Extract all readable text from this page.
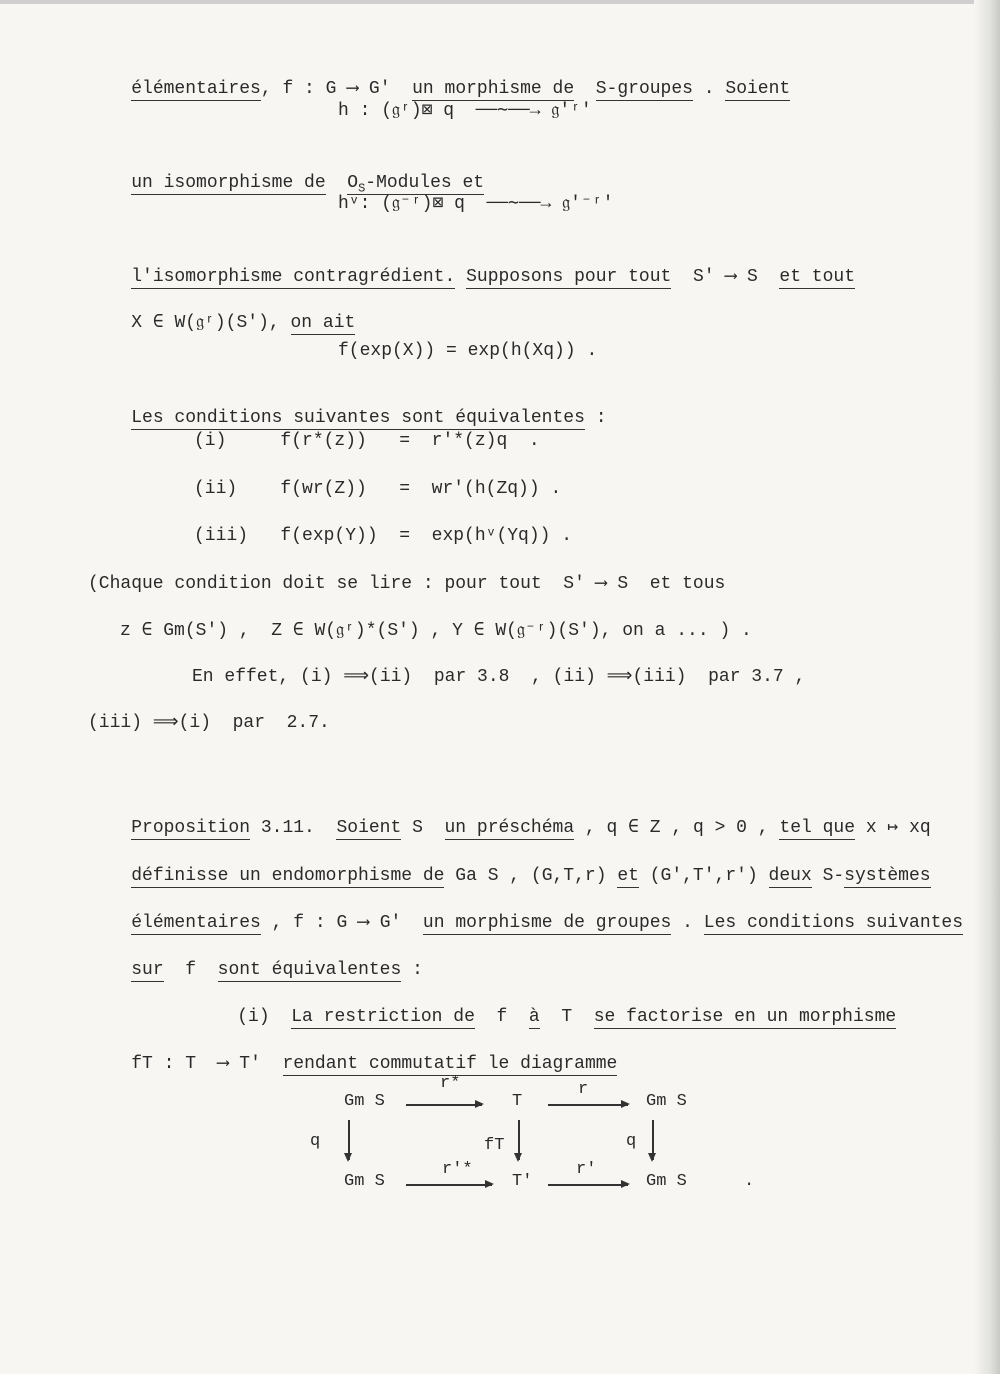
élémentaires, f : G ⟶ G' un morphisme de S-groupes . Soient

h : (𝔤ʳ)⊠ q  ──∼──→ 𝔤'ʳ'

un isomorphisme de $O_S$-Modules et

hᵛ: (𝔤⁻ʳ)⊠ q  ──∼──→ 𝔤'⁻ʳ'

l'isomorphisme contragrédient. Supposons pour tout S' ⟶ S et tout

X ∈ W(𝔤ʳ)(S'), on ait

f(exp(X)) = exp(h(Xq)) .

Les conditions suivantes sont équivalentes :

(i)     f(r*(z))   =  r'*(z)q  .
(ii)    f(wr(Z))   =  wr'(h(Zq)) .
(iii)   f(exp(Y))  =  exp(hᵛ(Yq)) .
(Chaque condition doit se lire : pour tout  S' ⟶ S  et tous
z ∈ Gm(S') ,  Z ∈ W(𝔤ʳ)*(S') , Y ∈ W(𝔤⁻ʳ)(S'), on a ... ) .
En effet, (i) ⟹(ii)  par 3.8  , (ii) ⟹(iii)  par 3.7 ,
(iii) ⟹(i)  par  2.7.

Proposition 3.11. Soient S  un préschéma , q ∈ Z , q > 0 , tel que x ↦ xq

définisse un endomorphisme de Ga S , (G,T,r) et (G',T',r') deux S-systèmes

élémentaires , f : G ⟶ G'  un morphisme de groupes . Les conditions suivantes

sur  f  sont équivalentes :

(i)  La restriction de  f  à  T  se factorise en un morphisme

fT : T  ⟶ T'  rendant commutatif le diagramme

Gm S	T	Gm S
Gm S	T'	Gm S
r*	r
r'*	r'
q	fT	q
.
